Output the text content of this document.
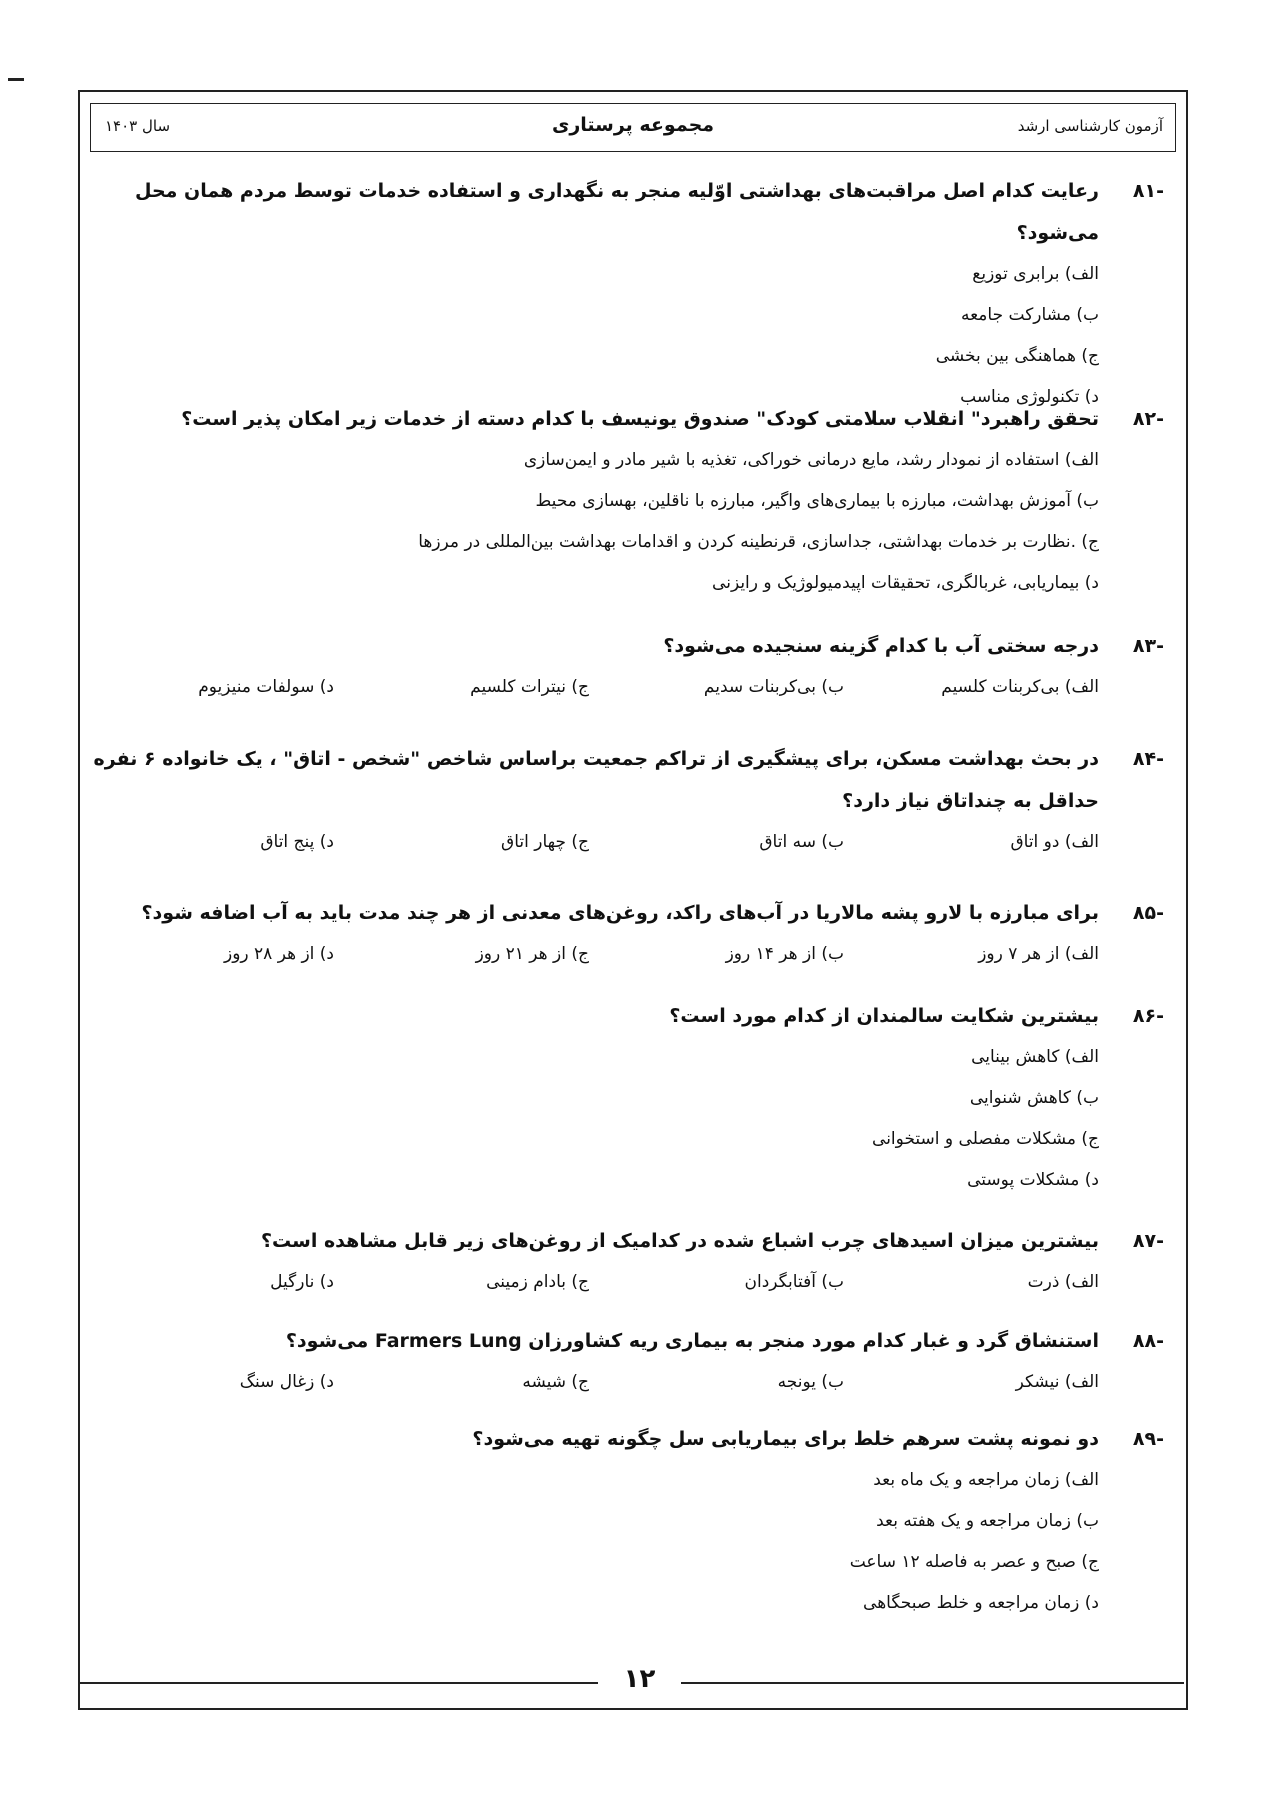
آزمون کارشناسی ارشد
مجموعه پرستاری
سال ۱۴۰۳
-۸۱
رعایت کدام اصل مراقبت‌های بهداشتی اوّلیه منجر به نگهداری و استفاده خدمات توسط مردم همان محل می‌شود؟
الف) برابری توزیع
ب) مشارکت جامعه
ج) هماهنگی بین بخشی
د) تکنولوژی مناسب
-۸۲
تحقق راهبرد" انقلاب سلامتی کودک" صندوق یونیسف با کدام دسته از خدمات زیر امکان پذیر است؟
الف) استفاده از نمودار رشد، مایع درمانی خوراکی، تغذیه با شیر مادر و ایمن‌سازی
ب) آموزش بهداشت، مبارزه با بیماری‌های واگیر، مبارزه با ناقلین، بهسازی محیط
ج) .نظارت بر خدمات بهداشتی، جداسازی، قرنطینه کردن و اقدامات بهداشت بین‌المللی در مرزها
د) بیماریابی، غربالگری، تحقیقات اپیدمیولوژیک و رایزنی
-۸۳
درجه سختی آب با کدام گزینه سنجیده می‌شود؟
الف) بی‌کربنات کلسیم
ب) بی‌کربنات سدیم
ج) نیترات کلسیم
د) سولفات منیزیوم
-۸۴
در بحث بهداشت مسکن، برای پیشگیری از تراکم جمعیت براساس شاخص "شخص - اتاق" ، یک خانواده ۶ نفره حداقل به چنداتاق نیاز دارد؟
الف) دو اتاق
ب) سه اتاق
ج) چهار اتاق
د) پنج اتاق
-۸۵
برای مبارزه با لارو پشه مالاریا در آب‌های راکد، روغن‌های معدنی از هر چند مدت باید به آب اضافه شود؟
الف) از هر ۷ روز
ب) از هر ۱۴ روز
ج) از هر ۲۱ روز
د) از هر ۲۸ روز
-۸۶
بیشترین شکایت سالمندان از کدام مورد است؟
الف) کاهش بینایی
ب) کاهش شنوایی
ج) مشکلات مفصلی و استخوانی
د) مشکلات پوستی
-۸۷
بیشترین میزان اسیدهای چرب اشباع شده در کدامیک از روغن‌های زیر قابل مشاهده است؟
الف) ذرت
ب) آفتابگردان
ج) بادام زمینی
د) نارگیل
-۸۸
استنشاق گرد و غبار کدام مورد منجر به بیماری ریه کشاورزان Farmers Lung می‌شود؟
الف) نیشکر
ب) یونجه
ج) شیشه
د) زغال سنگ
-۸۹
دو نمونه پشت سرهم خلط برای بیماریابی سل چگونه تهیه می‌شود؟
الف) زمان مراجعه و یک ماه بعد
ب) زمان مراجعه و یک هفته بعد
ج) صبح و عصر به فاصله ۱۲ ساعت
د) زمان مراجعه و خلط صبحگاهی
۱۲
